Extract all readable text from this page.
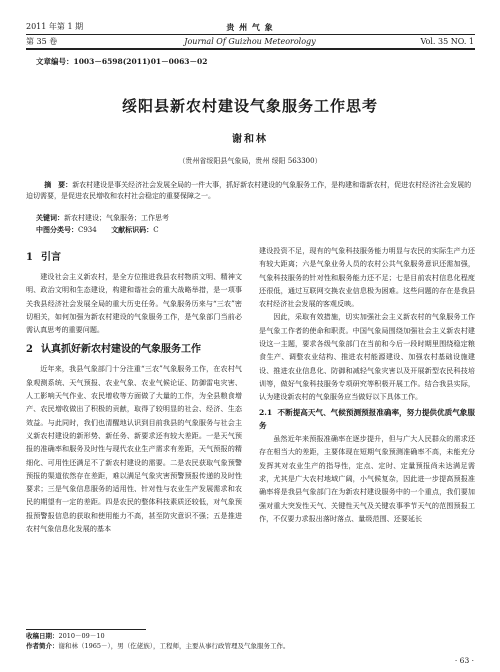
2011 年第 1 期	贵 州 气 象
第 35 卷	Journal Of Guizhou Meteorology	Vol. 35 NO. 1
文章编号：1003－6598(2011)01－0063－02
绥阳县新农村建设气象服务工作思考
谢和林
（贵州省绥阳县气象局，贵州 绥阳 563300）
摘　要：新农村建设是事关经济社会发展全局的一件大事，抓好新农村建设的气象服务工作，是构建和谐新农村，促进农村经济社会发展的迫切需要，是促进农民增收和农村社会稳定的重要保障之一。
关键词：新农村建设；气象服务；工作思考
中图分类号：C934 文献标识码：C
1 引言

建设社会主义新农村，是全方位推进我县农村物质文明、精神文明、政治文明和生态建设，构建和谐社会的重大战略举措，是一项事关我县经济社会发展全局的重大历史任务。气象服务历来与“三农”密切相关，如何加强为新农村建设的气象服务工作，是气象部门当前必需认真思考的重要问题。

2 认真抓好新农村建设的气象服务工作

近年来，我县气象部门十分注重“三农”气象服务工作，在农村气象观测系统、天气预报、农业气象、农业气候论证、防御雷电灾害、人工影响天气作业、农民增收等方面做了大量的工作，为全县粮食增产、农民增收做出了积极的贡献，取得了较明显的社会、经济、生态效益。与此同时，我们也清醒地认识到目前我县的气象服务与社会主义新农村建设的新形势、新任务、新要求还有较大差距。一是天气预报的准确率和服务及时性与现代农业生产需求有差距，天气预报的精细化、可用性还满足不了新农村建设的需要。二是农民获取气象预警预报的渠道依然存在差距，难以满足气象灾害预警预报传递的及时性要求；三是气象信息服务的适用性、针对性与农业生产发展需求和农民的期望有一定的差距。四是农民的整体科技素质还较低，对气象预报预警报信息的获取和使用能力不高，甚至防灾意识不强；五是推进农村气象信息化发展的基本

建设投资不足，现有的气象科技服务能力明显与农民的实际生产力还有较大距离；六是气象业务人员的农村公共气象服务意识还需加强，气象科技服务的针对性和服务能力还不足；七是目前农村信息化程度还很低，通过互联网交换农业信息极为困难。这些问题的存在是我县农村经济社会发展的客观反映。

因此，采取有效措施，切实加强社会主义新农村的气象服务工作是气象工作者的使命和职责。中国气象局围绕加强社会主义新农村建设这一主题，要求各级气象部门在当前和今后一段时期里围绕稳定粮食生产、调整农业结构、推进农村能源建设、加强农村基础设施建设、推进农业信息化、防御和减轻气象灾害以及开展新型农民科技培训等，做好气象科技服务专项研究等积极开展工作。结合我县实际，认为建设新农村的气象服务应当做好以下具体工作。

2.1 不断提高天气、气候预测预报准确率，努力提供优质气象服务

虽然近年来预报准确率在逐步提升，但与广大人民群众的需求还存在相当大的差距，主要体现在短期气象预测准确率不高，未能充分发挥其对农业生产的指导性，定点、定时、定量预报尚未达满足需求，尤其是广大农村地域广阔，小气候复杂，因此进一步提高预报准确率将是我县气象部门在为新农村建设服务中的一个重点，我们要加强对重大突发性天气、关键性天气及关键农事季节天气的范围预报工作，不仅要力求报出落时落点、量级范围、还要延长

收稿日期：2010－09－10
作者简介：谢和林（1965－），男（仡佬族），工程师，主要从事行政管理及气象服务工作。
· 63 ·
